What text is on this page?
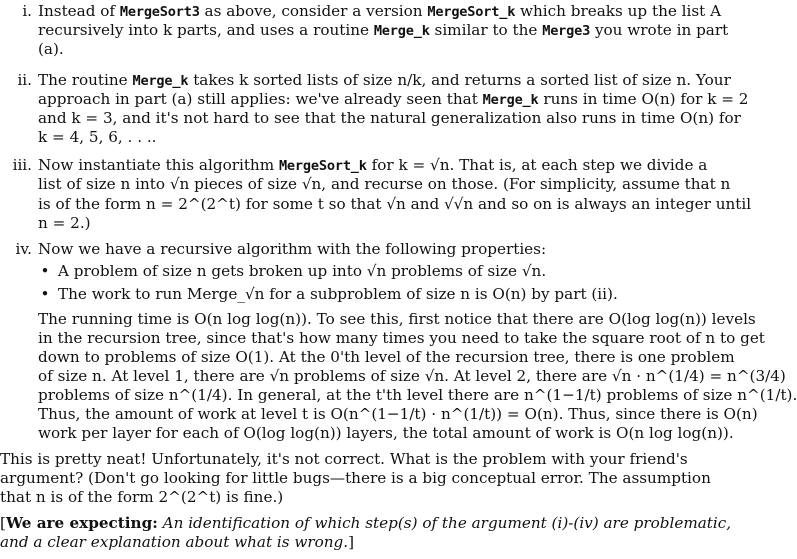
i. Instead of MergeSort3 as above, consider a version MergeSort_k which breaks up the list A
recursively into k parts, and uses a routine Merge_k similar to the Merge3 you wrote in part
(a).
ii. The routine Merge_k takes k sorted lists of size n/k, and returns a sorted list of size n. Your
approach in part (a) still applies: we've already seen that Merge_k runs in time O(n) for k = 2
and k = 3, and it's not hard to see that the natural generalization also runs in time O(n) for
k = 4, 5, 6, . . ..
iii. Now instantiate this algorithm MergeSort_k for k = √n. That is, at each step we divide a
list of size n into √n pieces of size √n, and recurse on those. (For simplicity, assume that n
is of the form n = 2^(2^t) for some t so that √n and √√n and so on is always an integer until
n = 2.)
iv. Now we have a recursive algorithm with the following properties:
• A problem of size n gets broken up into √n problems of size √n.
• The work to run Merge_√n for a subproblem of size n is O(n) by part (ii).
The running time is O(n log log(n)). To see this, first notice that there are O(log log(n)) levels
in the recursion tree, since that's how many times you need to take the square root of n to get
down to problems of size O(1). At the 0'th level of the recursion tree, there is one problem
of size n. At level 1, there are √n problems of size √n. At level 2, there are √n · n^(1/4) = n^(3/4)
problems of size n^(1/4). In general, at the t'th level there are n^(1−1/t) problems of size n^(1/t).
Thus, the amount of work at level t is O(n^(1−1/t) · n^(1/t)) = O(n). Thus, since there is O(n)
work per layer for each of O(log log(n)) layers, the total amount of work is O(n log log(n)).
This is pretty neat! Unfortunately, it's not correct. What is the problem with your friend's
argument? (Don't go looking for little bugs—there is a big conceptual error. The assumption
that n is of the form 2^(2^t) is fine.)
[We are expecting: An identification of which step(s) of the argument (i)-(iv) are problematic,
and a clear explanation about what is wrong.]
